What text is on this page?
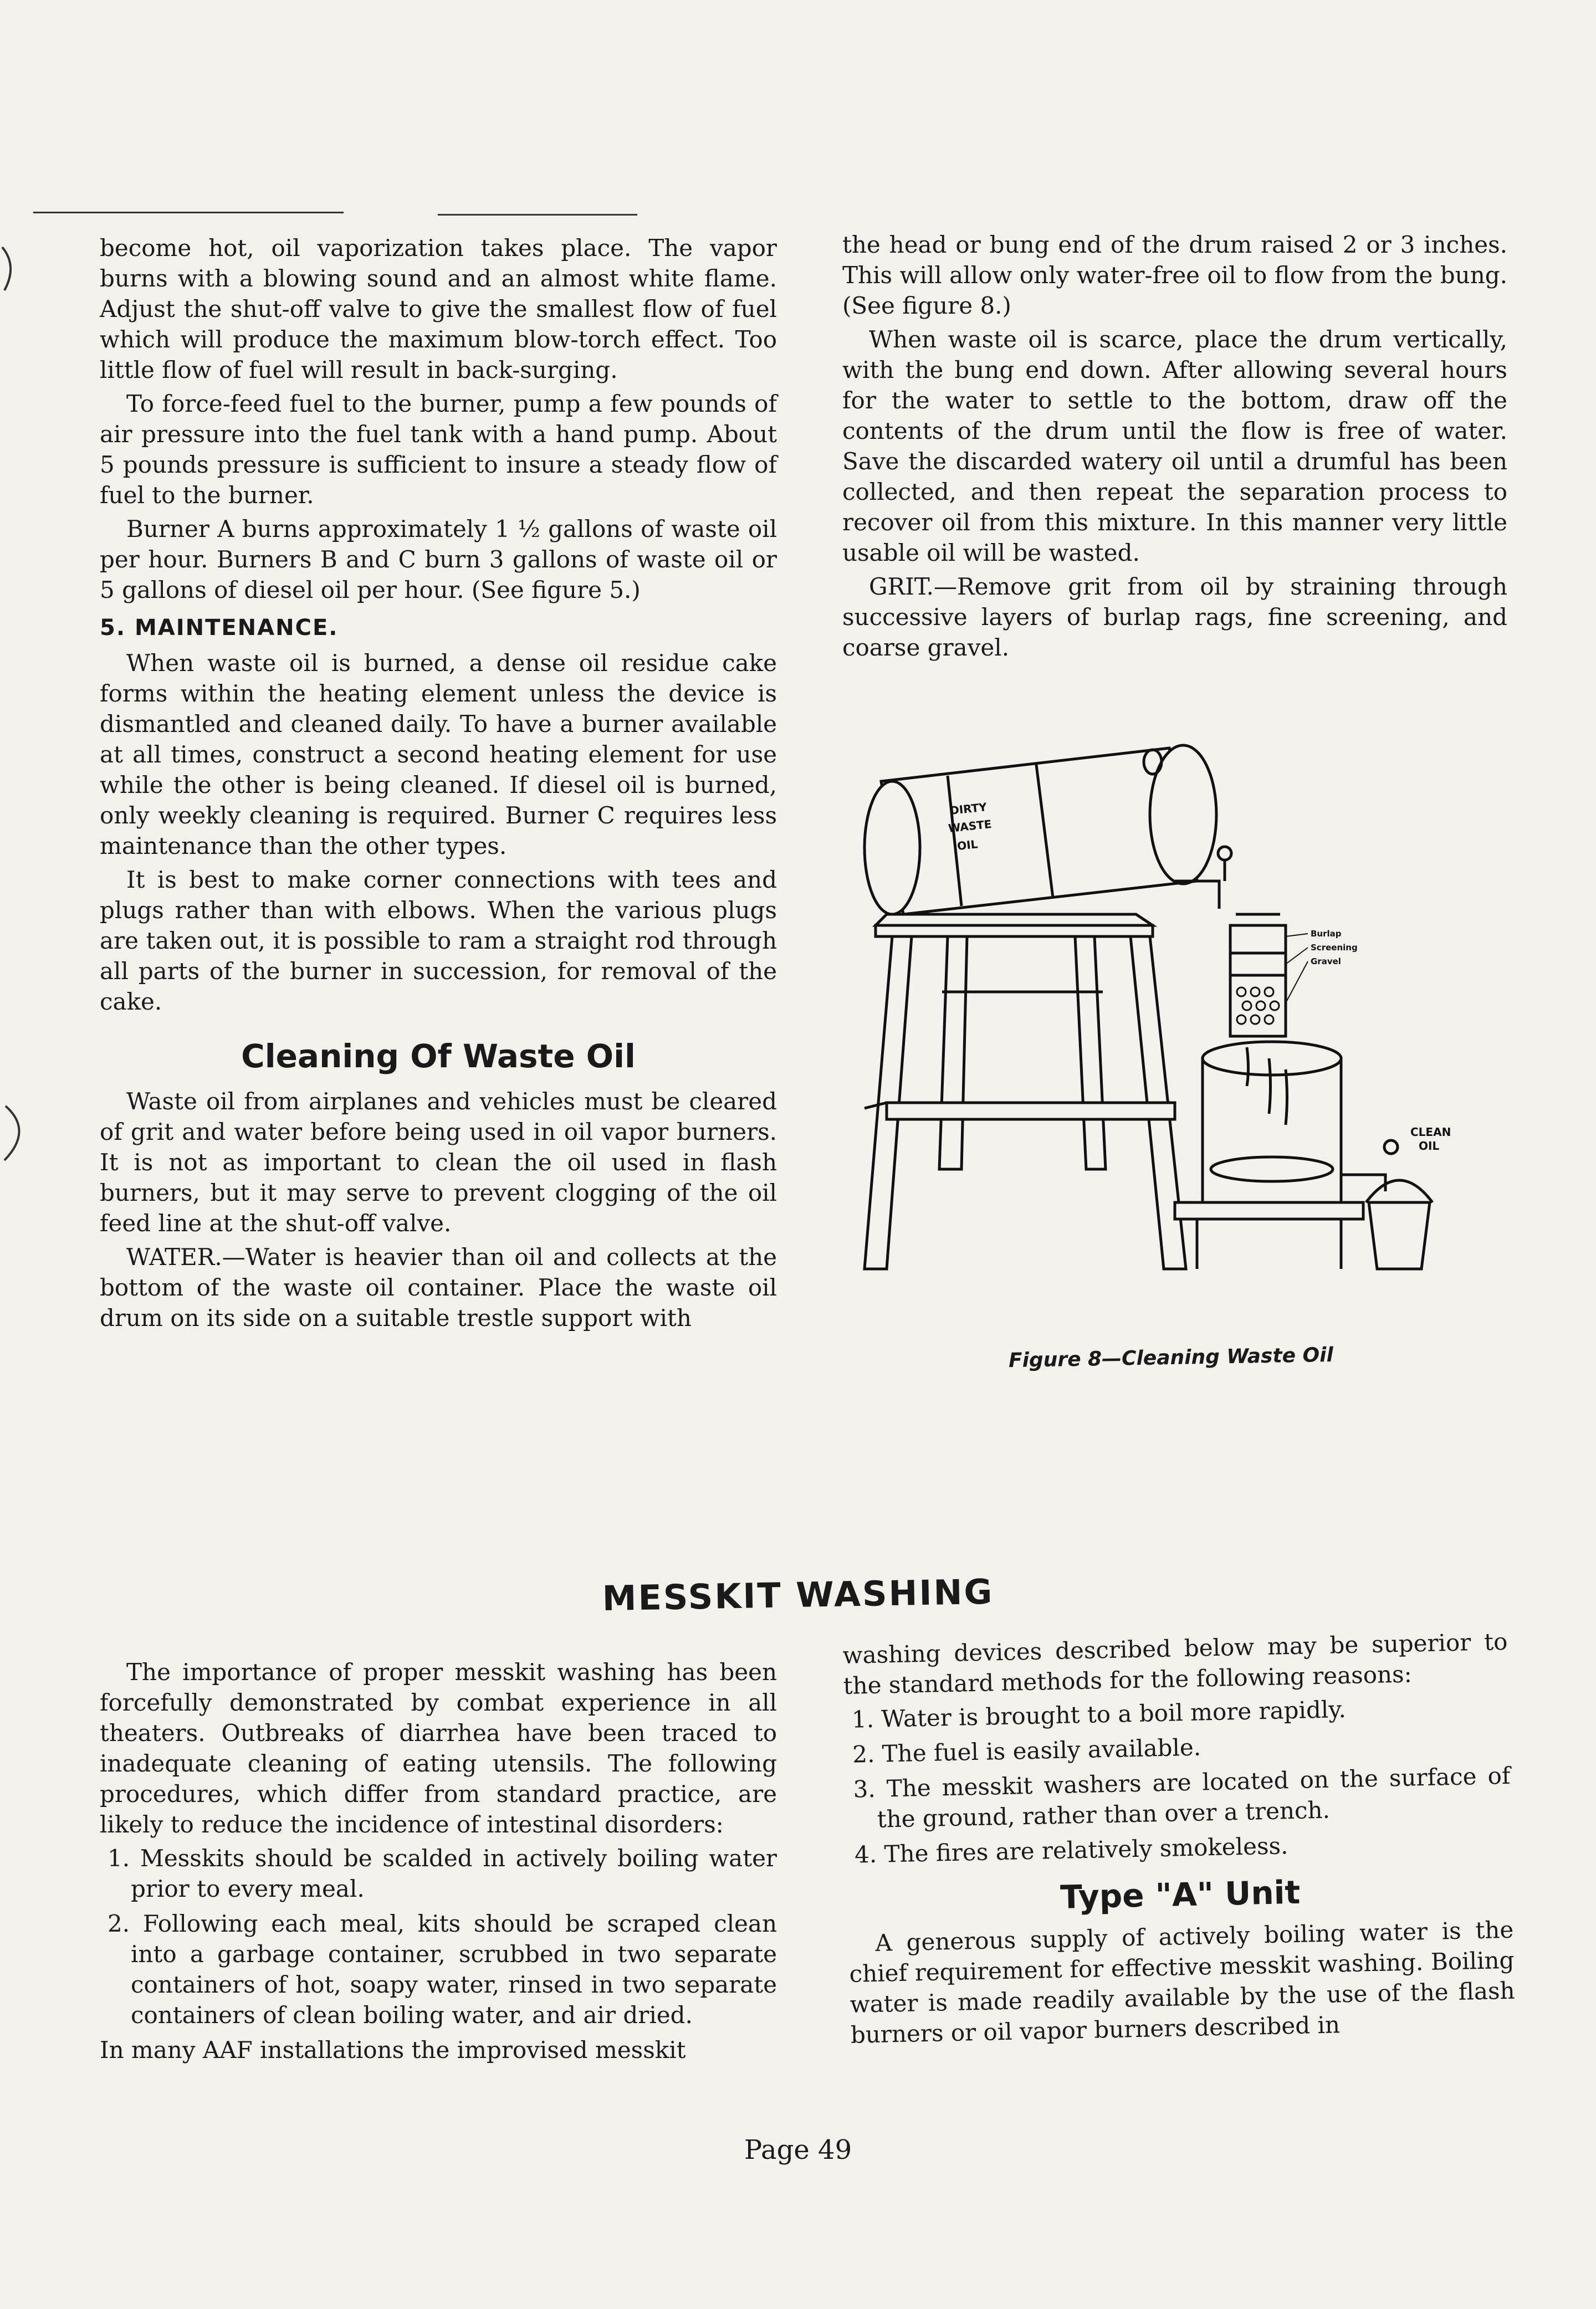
become hot, oil vaporization takes place. The vapor burns with a blowing sound and an almost white flame. Adjust the shut-off valve to give the smallest flow of fuel which will produce the maximum blow-torch effect. Too little flow of fuel will result in back-surging.

To force-feed fuel to the burner, pump a few pounds of air pressure into the fuel tank with a hand pump. About 5 pounds pressure is sufficient to insure a steady flow of fuel to the burner.

Burner A burns approximately 1 ½ gallons of waste oil per hour. Burners B and C burn 3 gallons of waste oil or 5 gallons of diesel oil per hour. (See figure 5.)

5. MAINTENANCE.

When waste oil is burned, a dense oil residue cake forms within the heating element unless the device is dismantled and cleaned daily. To have a burner available at all times, construct a second heating element for use while the other is being cleaned. If diesel oil is burned, only weekly cleaning is required. Burner C requires less maintenance than the other types.

It is best to make corner connections with tees and plugs rather than with elbows. When the various plugs are taken out, it is possible to ram a straight rod through all parts of the burner in succession, for removal of the cake.

Cleaning Of Waste Oil

Waste oil from airplanes and vehicles must be cleared of grit and water before being used in oil vapor burners. It is not as important to clean the oil used in flash burners, but it may serve to prevent clogging of the oil feed line at the shut-off valve.

WATER.—Water is heavier than oil and collects at the bottom of the waste oil container. Place the waste oil drum on its side on a suitable trestle support with

the head or bung end of the drum raised 2 or 3 inches. This will allow only water-free oil to flow from the bung. (See figure 8.)

When waste oil is scarce, place the drum vertically, with the bung end down. After allowing several hours for the water to settle to the bottom, draw off the contents of the drum until the flow is free of water. Save the discarded watery oil until a drumful has been collected, and then repeat the separation process to recover oil from this mixture. In this manner very little usable oil will be wasted.

GRIT.—Remove grit from oil by straining through successive layers of burlap rags, fine screening, and coarse gravel.

DIRTY
WASTE
OIL
Burlap
Screening
Gravel
CLEAN
OIL
Figure 8—Cleaning Waste Oil
MESSKIT WASHING

The importance of proper messkit washing has been forcefully demonstrated by combat experience in all theaters. Outbreaks of diarrhea have been traced to inadequate cleaning of eating utensils. The following procedures, which differ from standard practice, are likely to reduce the incidence of intestinal disorders:

1. Messkits should be scalded in actively boiling water prior to every meal.
2. Following each meal, kits should be scraped clean into a garbage container, scrubbed in two separate containers of hot, soapy water, rinsed in two separate containers of clean boiling water, and air dried.

In many AAF installations the improvised messkit

washing devices described below may be superior to the standard methods for the following reasons:

1. Water is brought to a boil more rapidly.
2. The fuel is easily available.
3. The messkit washers are located on the surface of the ground, rather than over a trench.
4. The fires are relatively smokeless.
Type "A" Unit

A generous supply of actively boiling water is the chief requirement for effective messkit washing. Boiling water is made readily available by the use of the flash burners or oil vapor burners described in

Page 49
